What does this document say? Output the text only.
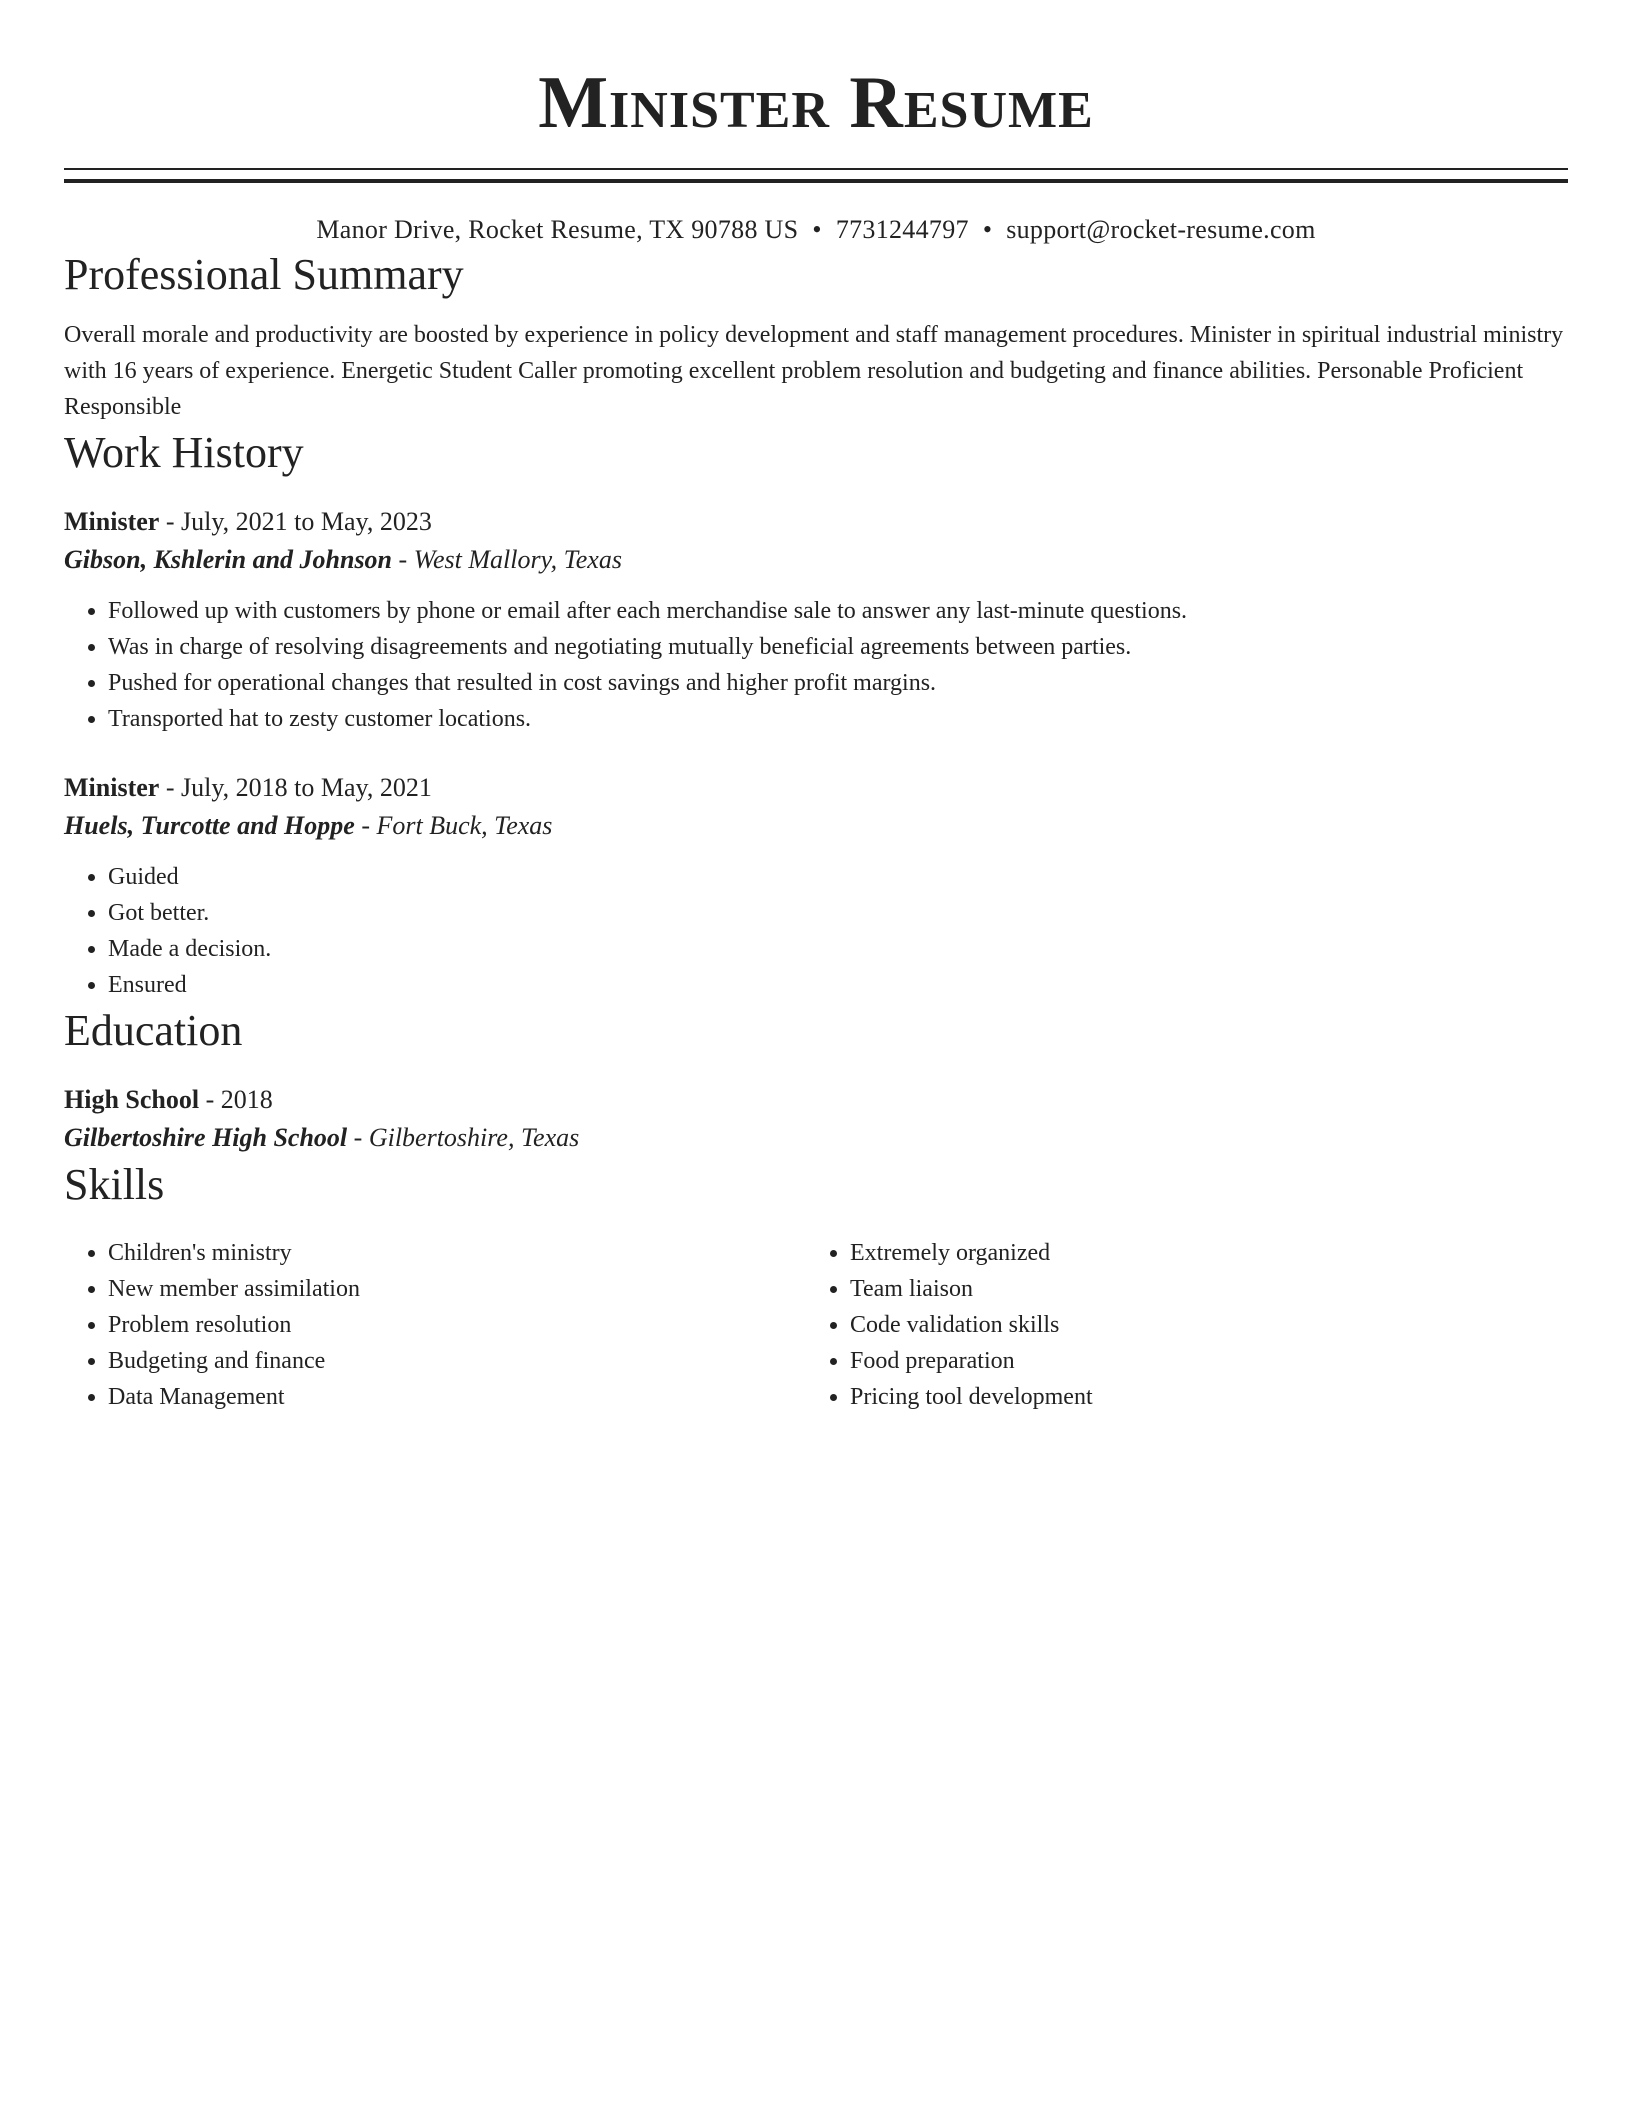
Minister Resume
Manor Drive, Rocket Resume, TX 90788 US • 7731244797 • support@rocket-resume.com
Professional Summary

Overall morale and productivity are boosted by experience in policy development and staff management procedures. Minister in spiritual industrial ministry with 16 years of experience. Energetic Student Caller promoting excellent problem resolution and budgeting and finance abilities. Personable Proficient Responsible

Work History
Minister - July, 2021 to May, 2023
Gibson, Kshlerin and Johnson - West Mallory, Texas
• Followed up with customers by phone or email after each merchandise sale to answer any last-minute questions.
• Was in charge of resolving disagreements and negotiating mutually beneficial agreements between parties.
• Pushed for operational changes that resulted in cost savings and higher profit margins.
• Transported hat to zesty customer locations.
Minister - July, 2018 to May, 2021
Huels, Turcotte and Hoppe - Fort Buck, Texas
• Guided
• Got better.
• Made a decision.
• Ensured
Education
High School - 2018
Gilbertoshire High School - Gilbertoshire, Texas
Skills
• Children's ministry
• New member assimilation
• Problem resolution
• Budgeting and finance
• Data Management
• Extremely organized
• Team liaison
• Code validation skills
• Food preparation
• Pricing tool development
